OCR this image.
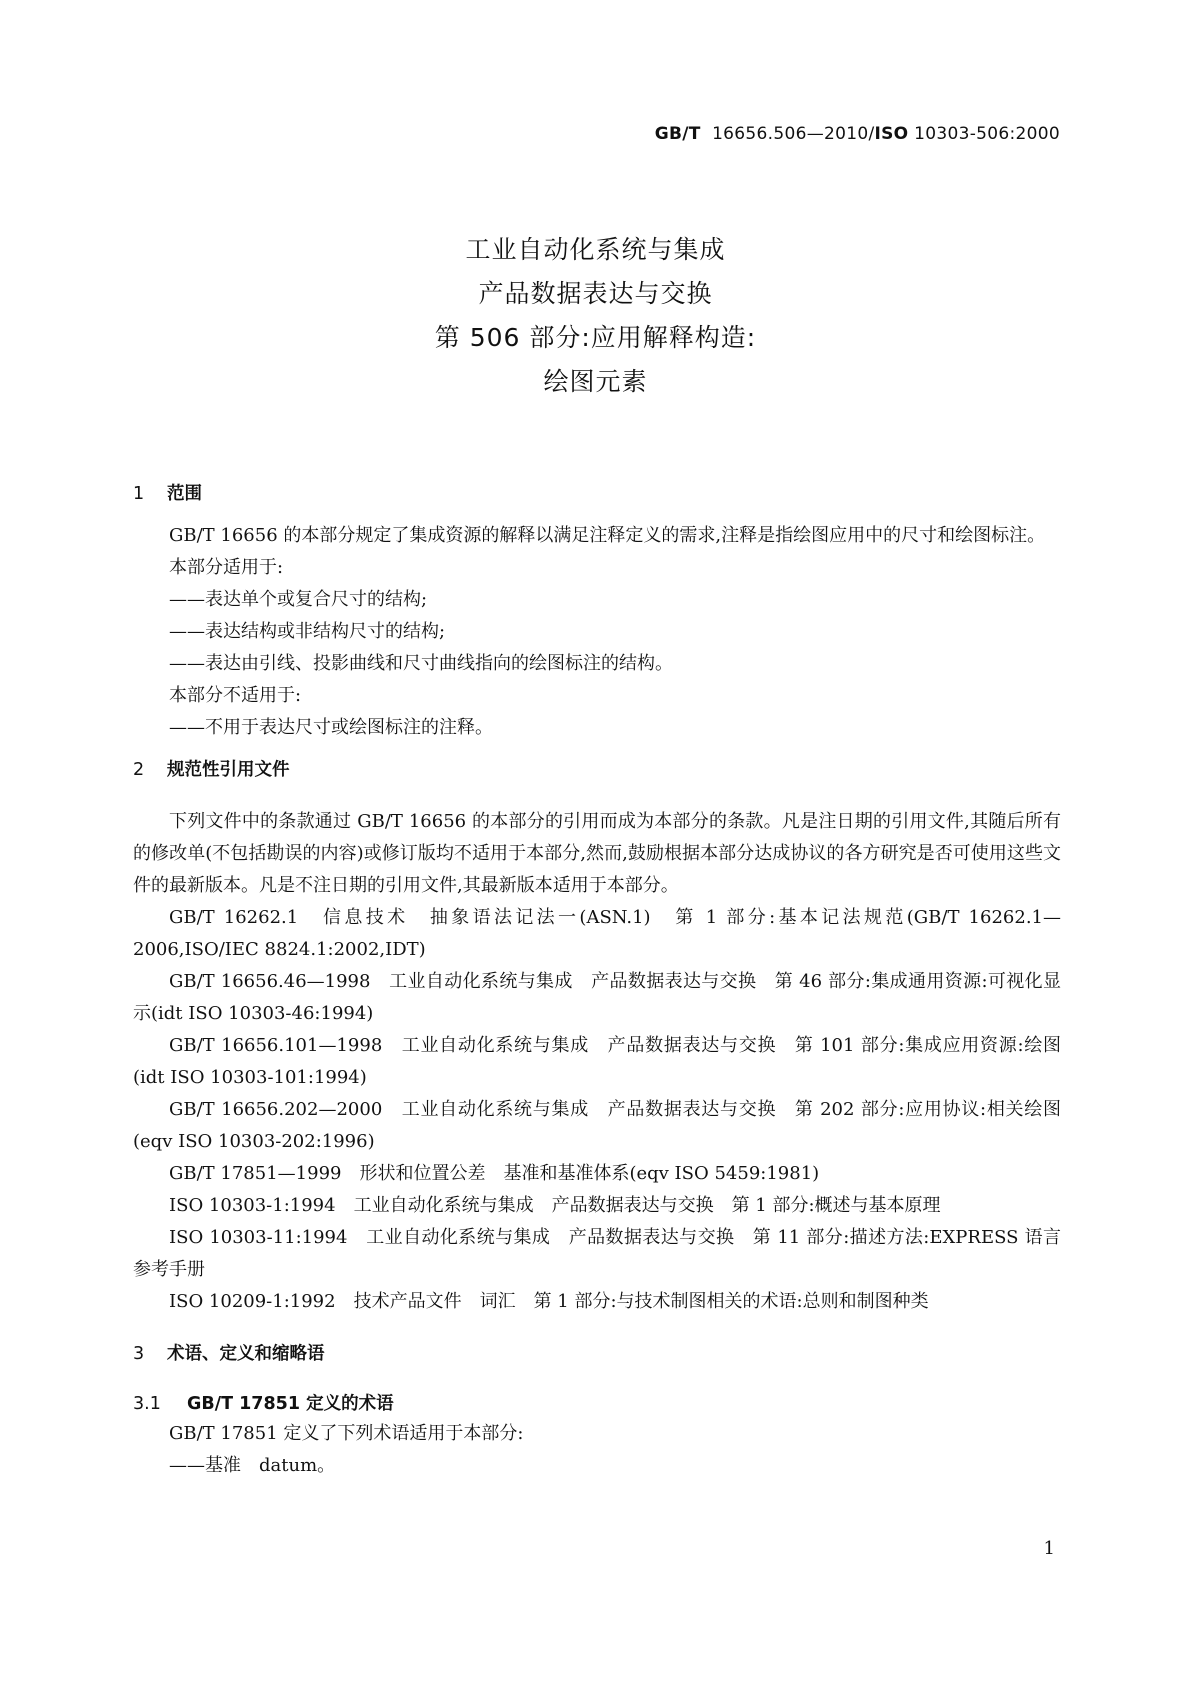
GB/T 16656.506—2010/ISO 10303-506:2000
工业自动化系统与集成
产品数据表达与交换
第 506 部分:应用解释构造:
绘图元素
1 范围

GB/T 16656 的本部分规定了集成资源的解释以满足注释定义的需求,注释是指绘图应用中的尺寸和绘图标注。

本部分适用于:

——表达单个或复合尺寸的结构;

——表达结构或非结构尺寸的结构;

——表达由引线、投影曲线和尺寸曲线指向的绘图标注的结构。

本部分不适用于:

——不用于表达尺寸或绘图标注的注释。

2 规范性引用文件

下列文件中的条款通过 GB/T 16656 的本部分的引用而成为本部分的条款。凡是注日期的引用文件,其随后所有的修改单(不包括勘误的内容)或修订版均不适用于本部分,然而,鼓励根据本部分达成协议的各方研究是否可使用这些文件的最新版本。凡是不注日期的引用文件,其最新版本适用于本部分。

GB/T 16262.1　信息技术　抽象语法记法一(ASN.1)　第 1 部分:基本记法规范(GB/T 16262.1—2006,ISO/IEC 8824.1:2002,IDT)

GB/T 16656.46—1998　工业自动化系统与集成　产品数据表达与交换　第 46 部分:集成通用资源:可视化显示(idt ISO 10303-46:1994)

GB/T 16656.101—1998　工业自动化系统与集成　产品数据表达与交换　第 101 部分:集成应用资源:绘图(idt ISO 10303-101:1994)

GB/T 16656.202—2000　工业自动化系统与集成　产品数据表达与交换　第 202 部分:应用协议:相关绘图(eqv ISO 10303-202:1996)

GB/T 17851—1999　形状和位置公差　基准和基准体系(eqv ISO 5459:1981)

ISO 10303-1:1994　工业自动化系统与集成　产品数据表达与交换　第 1 部分:概述与基本原理

ISO 10303-11:1994　工业自动化系统与集成　产品数据表达与交换　第 11 部分:描述方法:EXPRESS 语言参考手册

ISO 10209-1:1992　技术产品文件　词汇　第 1 部分:与技术制图相关的术语:总则和制图种类

3 术语、定义和缩略语
3.1 GB/T 17851 定义的术语

GB/T 17851 定义了下列术语适用于本部分:

——基准　datum。

1
